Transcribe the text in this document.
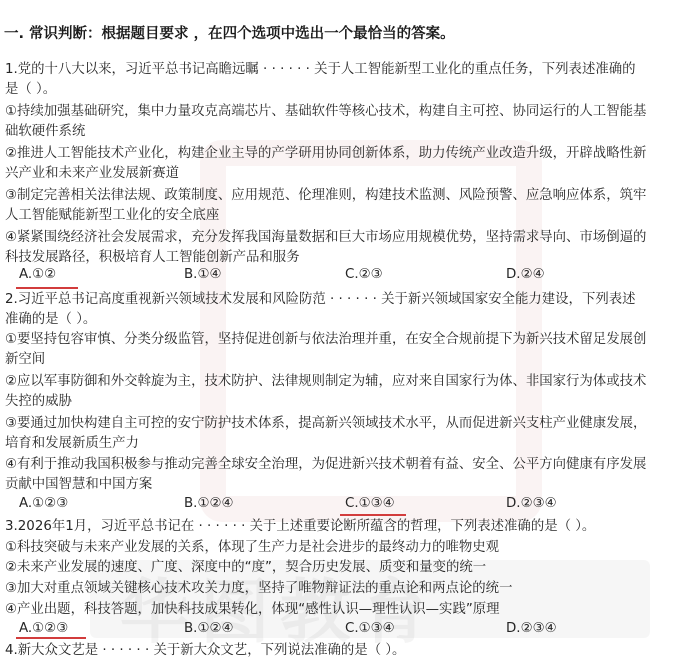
一. 常识判断：根据题目要求 ，在四个选项中选出一个最恰当的答案。
1.党的十八大以来，习近平总书记高瞻远瞩 · · · · · · 关于人工智能新型工业化的重点任务，下列表述准确的
是（ ）。
①持续加强基础研究，集中力量攻克高端芯片、基础软件等核心技术，构建自主可控、协同运行的人工智能基
础软硬件系统
②推进人工智能技术产业化，构建企业主导的产学研用协同创新体系，助力传统产业改造升级，开辟战略性新
兴产业和未来产业发展新赛道
③制定完善相关法律法规、政策制度、应用规范、伦理准则，构建技术监测、风险预警、应急响应体系，筑牢
人工智能赋能新型工业化的安全底座
④紧紧围绕经济社会发展需求，充分发挥我国海量数据和巨大市场应用规模优势，坚持需求导向、市场倒逼的
科技发展路径，积极培育人工智能创新产品和服务
A.①②	B.①④	C.②③	D.②④
2.习近平总书记高度重视新兴领域技术发展和风险防范 · · · · · · 关于新兴领域国家安全能力建设，下列表述
准确的是（ ）。
①要坚持包容审慎、分类分级监管，坚持促进创新与依法治理并重，在安全合规前提下为新兴技术留足发展创
新空间
②应以军事防御和外交斡旋为主，技术防护、法律规则制定为辅，应对来自国家行为体、非国家行为体或技术
失控的威胁
③要通过加快构建自主可控的安宁防护技术体系，提高新兴领域技术水平，从而促进新兴支柱产业健康发展，
培育和发展新质生产力
④有利于推动我国积极参与推动完善全球安全治理，为促进新兴技术朝着有益、安全、公平方向健康有序发展
贡献中国智慧和中国方案
A.①②③	B.①②④	C.①③④	D.②③④
3.2026年1月，习近平总书记在 · · · · · · 关于上述重要论断所蕴含的哲理，下列表述准确的是（ ）。
①科技突破与未来产业发展的关系，体现了生产力是社会进步的最终动力的唯物史观
②未来产业发展的速度、广度、深度中的“度”，契合历史发展、质变和量变的统一
③加大对重点领域关键核心技术攻关力度，坚持了唯物辩证法的重点论和两点论的统一
④产业出题，科技答题，加快科技成果转化，体现“感性认识—理性认识—实践”原理
A.①②③	B.①②④	C.①③④	D.②③④
4.新大众文艺是 · · · · · · 关于新大众文艺，下列说法准确的是（ ）。
